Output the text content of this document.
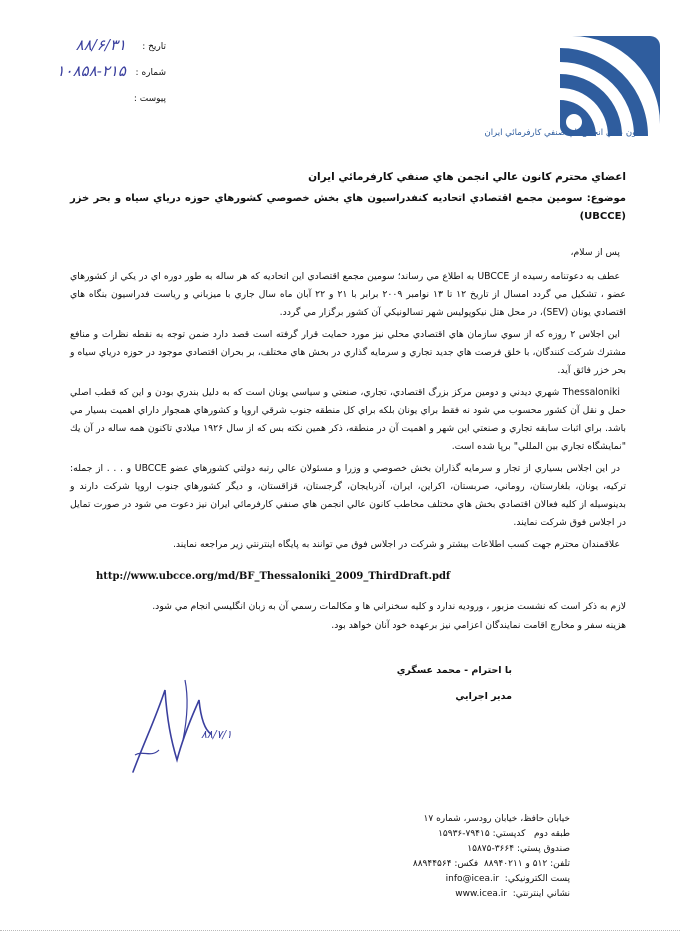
كانون عالي انجمن‌هاي صنفي كارفرمائي ايران
تاريخ :
۸۸/۶/۳۱
شماره :
۱۰۸۵۸-۲۱۵
پيوست :
اعضاي محترم كانون عالي انجمن هاي صنفي كارفرمائي ايران
موضوع: سومين مجمع اقتصادي اتحاديه كنفدراسيون هاي بخش خصوصي كشورهاي حوزه درياي سياه و بحر خزر (UBCCE)
پس از سلام،

عطف به دعوتنامه رسيده از UBCCE به اطلاع مي رساند؛ سومين مجمع اقتصادي اين اتحاديه كه هر ساله به طور دوره اي در يكي از كشورهاي عضو ، تشكيل مي گردد امسال از تاريخ ۱۲ تا ۱۳ نوامبر ۲۰۰۹ برابر با ۲۱ و ۲۲ آبان ماه سال جاري با ميزباني و رياست فدراسيون بنگاه هاي اقتصادي يونان (SEV)، در محل هتل نيكوپوليس شهر تسالونيكي آن كشور برگزار مي گردد.

اين اجلاس ۲ روزه كه از سوي سازمان هاي اقتصادي محلي نيز مورد حمايت قرار گرفته است قصد دارد ضمن توجه به نقطه نظرات و منافع مشترك شركت كنندگان، با خلق فرصت هاي جديد تجاري و سرمايه گذاري در بخش هاي مختلف، بر بحران اقتصادي موجود در حوزه درياي سياه و بحر خزر فائق آيد.

Thessaloniki شهري ديدني و دومين مركز بزرگ اقتصادي، تجاري، صنعتي و سياسي يونان است كه به دليل بندري بودن و اين كه قطب اصلي حمل و نقل آن كشور محسوب مي شود نه فقط براي يونان بلكه براي كل منطقه جنوب شرقي اروپا و كشورهاي همجوار داراي اهميت بسيار مي باشد. براي اثبات سابقه تجاري و صنعتي اين شهر و اهميت آن در منطقه، ذكر همين نكته بس كه از سال ۱۹۲۶ ميلادي تاكنون همه ساله در آن يك "نمايشگاه تجاري بين المللي" برپا شده است.

در اين اجلاس بسياري از تجار و سرمايه گذاران بخش خصوصي و وزرا و مسئولان عالي رتبه دولتي كشورهاي عضو UBCCE و . . . از جمله: تركيه، يونان، بلغارستان، روماني، صربستان، اكراين، ايران، آذربايجان، گرجستان، قزاقستان، و ديگر كشورهاي جنوب اروپا شركت دارند و بدينوسيله از كليه فعالان اقتصادي بخش هاي مختلف مخاطب كانون عالي انجمن هاي صنفي كارفرمائي ايران نيز دعوت مي شود در صورت تمايل در اجلاس فوق شركت نمايند.

علاقمندان محترم جهت كسب اطلاعات بيشتر و شركت در اجلاس فوق مي توانند به پايگاه اينترنتي زير مراجعه نمايند.

http://www.ubcce.org/md/BF_Thessaloniki_2009_ThirdDraft.pdf

لازم به ذكر است كه نشست مزبور ، ورودیه ندارد و كليه سخنراني ها و مكالمات رسمي آن به زبان انگليسي انجام مي شود.

هزينه سفر و مخارج اقامت نمايندگان اعزامي نيز برعهده خود آنان خواهد بود.

با احترام - محمد عسگري
مدير اجرايي
۸۸/۷/۱
خيابان حافظ، خيابان رودسر، شماره ۱۷
طبقه دوم   كدپستي: ۷۹۴۱۵-۱۵۹۳۶
صندوق پستي: ۳۶۶۴-۱۵۸۷۵
تلفن: ۵۱۲ و ۸۸۹۴۰۲۱۱  فكس: ۸۸۹۴۴۵۶۴
پست الكترونيكي:  info@icea.ir
نشاني اينترنتي:  www.icea.ir
